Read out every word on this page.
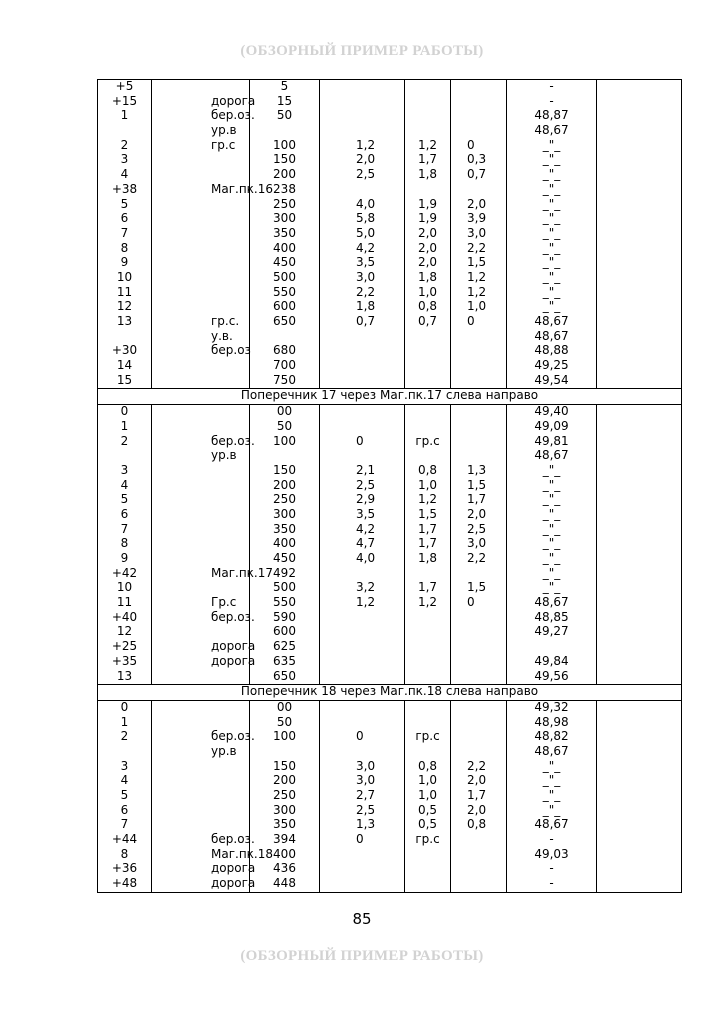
(ОБЗОРНЫЙ ПРИМЕР РАБОТЫ)
+5		5				-	
+15	дорога	15				-	
1	бер.оз.	50				48,87	
	ур.в					48,67	
2	гр.с	100	1,2	1,2	0	_"_	
3		150	2,0	1,7	0,3	_"_	
4		200	2,5	1,8	0,7	_"_	
+38	Маг.пк.16	238				_"_	
5		250	4,0	1,9	2,0	_"_	
6		300	5,8	1,9	3,9	_"_	
7		350	5,0	2,0	3,0	_"_	
8		400	4,2	2,0	2,2	_"_	
9		450	3,5	2,0	1,5	_"_	
10		500	3,0	1,8	1,2	_"_	
11		550	2,2	1,0	1,2	_"_	
12		600	1,8	0,8	1,0	_"_	
13	гр.с.	650	0,7	0,7	0	48,67	
	у.в.					48,67	
+30	бер.оз	680				48,88	
14		700				49,25	
15		750				49,54	
Поперечник 17 через Маг.пк.17 слева направо							
0		00				49,40	
1		50				49,09	
2	бер.оз.	100	0	гр.с		49,81	
	ур.в					48,67	
3		150	2,1	0,8	1,3	_"_	
4		200	2,5	1,0	1,5	_"_	
5		250	2,9	1,2	1,7	_"_	
6		300	3,5	1,5	2,0	_"_	
7		350	4,2	1,7	2,5	_"_	
8		400	4,7	1,7	3,0	_"_	
9		450	4,0	1,8	2,2	_"_	
+42	Маг.пк.17	492				_"_	
10		500	3,2	1,7	1,5	_"_	
11	Гр.с	550	1,2	1,2	0	48,67	
+40	бер.оз.	590				48,85	
12		600				49,27	
+25	дорога	625					
+35	дорога	635				49,84	
13		650				49,56	
Поперечник 18 через Маг.пк.18 слева направо							
0		00				49,32	
1		50				48,98	
2	бер.оз.	100	0	гр.с		48,82	
	ур.в					48,67	
3		150	3,0	0,8	2,2	_"_	
4		200	3,0	1,0	2,0	_"_	
5		250	2,7	1,0	1,7	_"_	
6		300	2,5	0,5	2,0	_"_	
7		350	1,3	0,5	0,8	48,67	
+44	бер.оз.	394	0	гр.с		-	
8	Маг.пк.18	400				49,03	
+36	дорога	436				-	
+48	дорога	448				-	
85
(ОБЗОРНЫЙ ПРИМЕР РАБОТЫ)
